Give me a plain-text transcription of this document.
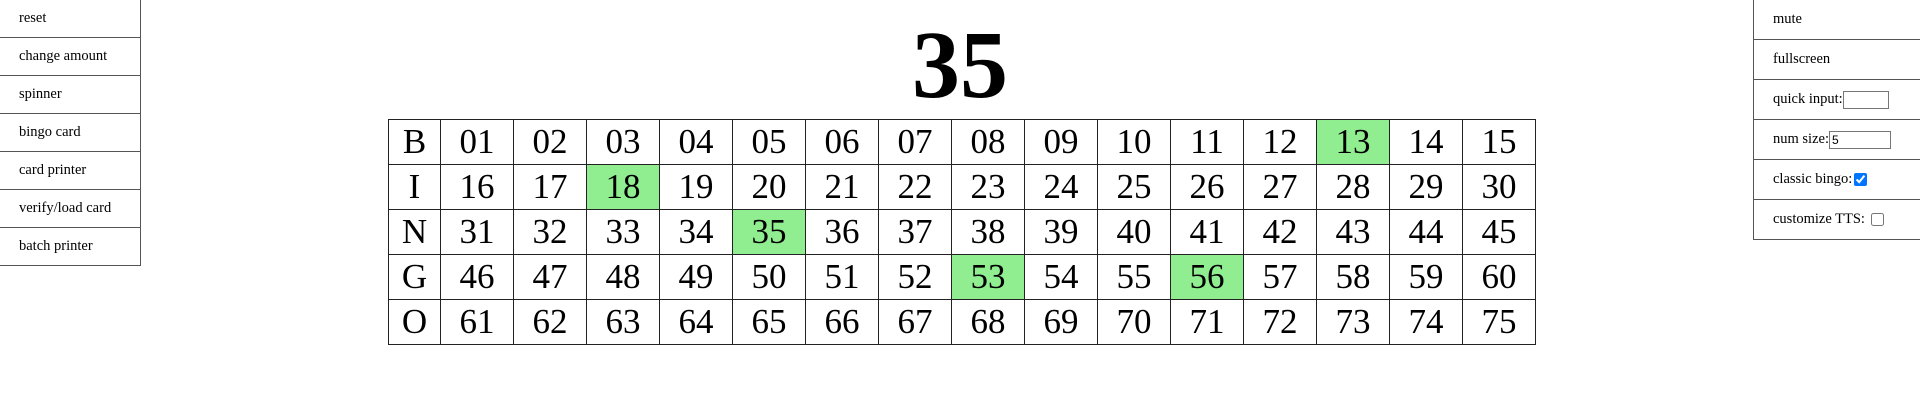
reset
change amount
spinner
bingo card
card printer
verify/load card
batch printer
mute
fullscreen
quick input:
num size:5
classic bingo:
customize TTS:
35
B	01	02	03	04	05	06	07	08	09	10	11	12	13	14	15
I	16	17	18	19	20	21	22	23	24	25	26	27	28	29	30
N	31	32	33	34	35	36	37	38	39	40	41	42	43	44	45
G	46	47	48	49	50	51	52	53	54	55	56	57	58	59	60
O	61	62	63	64	65	66	67	68	69	70	71	72	73	74	75
